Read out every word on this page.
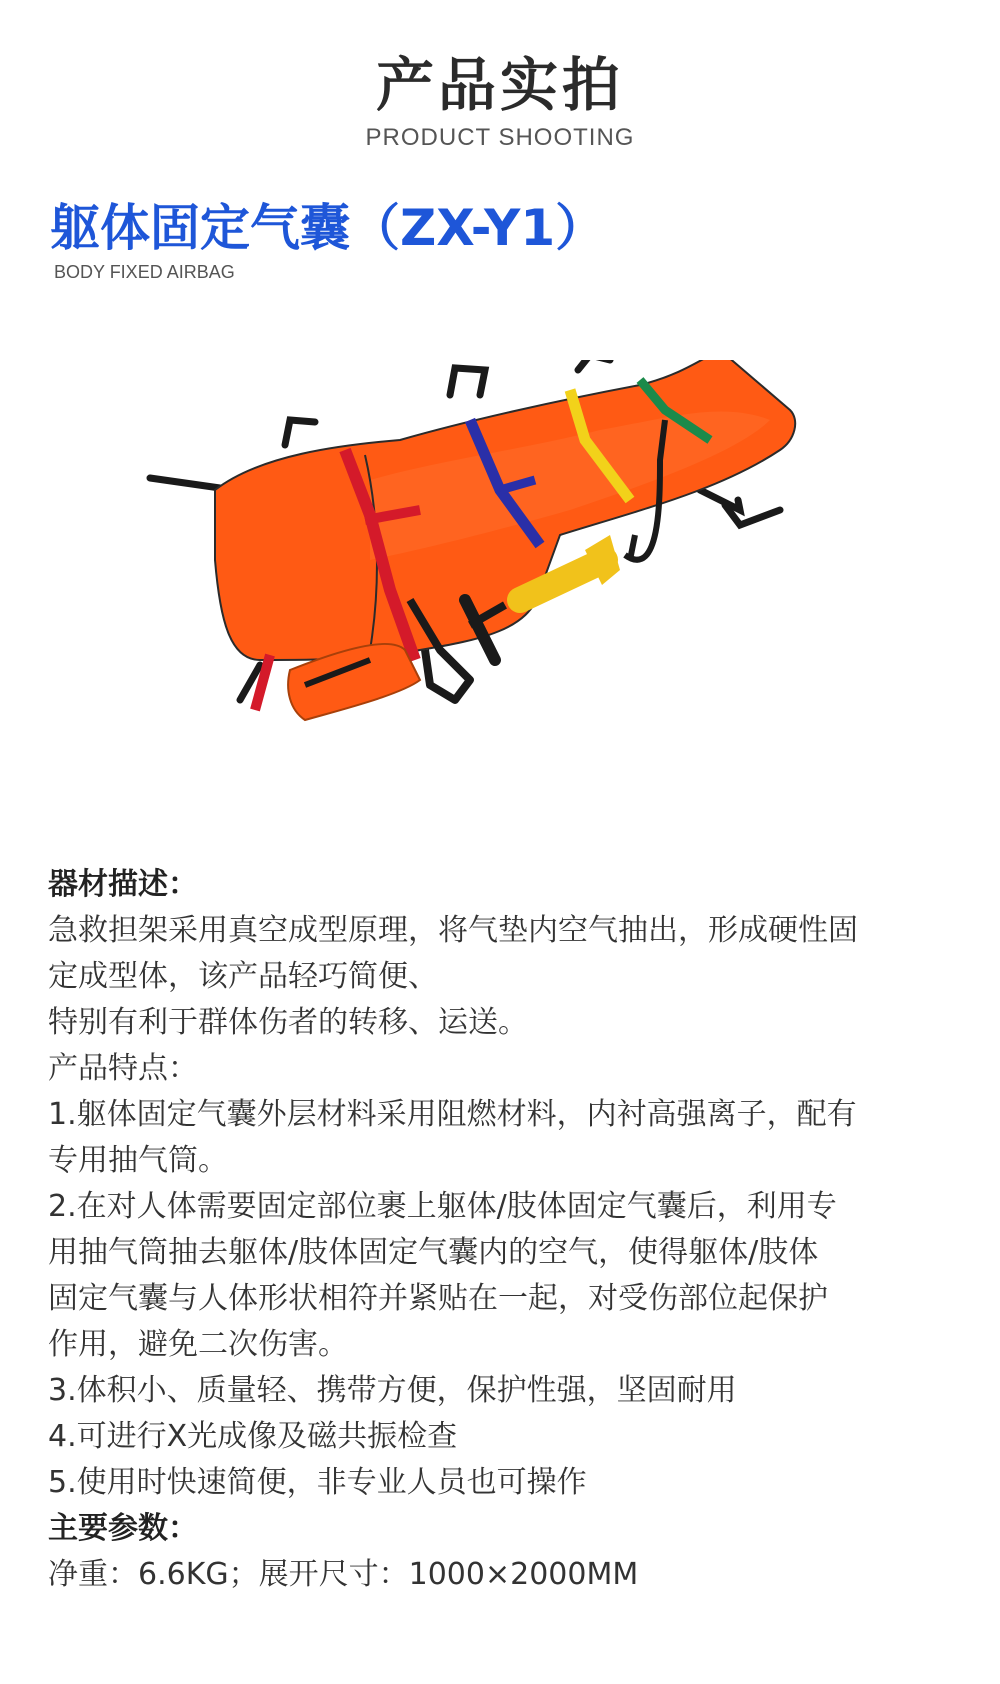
产品实拍
PRODUCT SHOOTING
躯体固定气囊（ZX-Y1）
BODY FIXED AIRBAG
器材描述：
急救担架采用真空成型原理，将气垫内空气抽出，形成硬性固
定成型体，该产品轻巧简便、
特别有利于群体伤者的转移、运送。
产品特点：
1.躯体固定气囊外层材料采用阻燃材料，内衬高强离子，配有
专用抽气筒。
2.在对人体需要固定部位裹上躯体/肢体固定气囊后，利用专
用抽气筒抽去躯体/肢体固定气囊内的空气，使得躯体/肢体
固定气囊与人体形状相符并紧贴在一起，对受伤部位起保护
作用，避免二次伤害。
3.体积小、质量轻、携带方便，保护性强，坚固耐用
4.可进行X光成像及磁共振检查
5.使用时快速简便，非专业人员也可操作
主要参数：
净重：6.6KG；展开尺寸：1000×2000MM
